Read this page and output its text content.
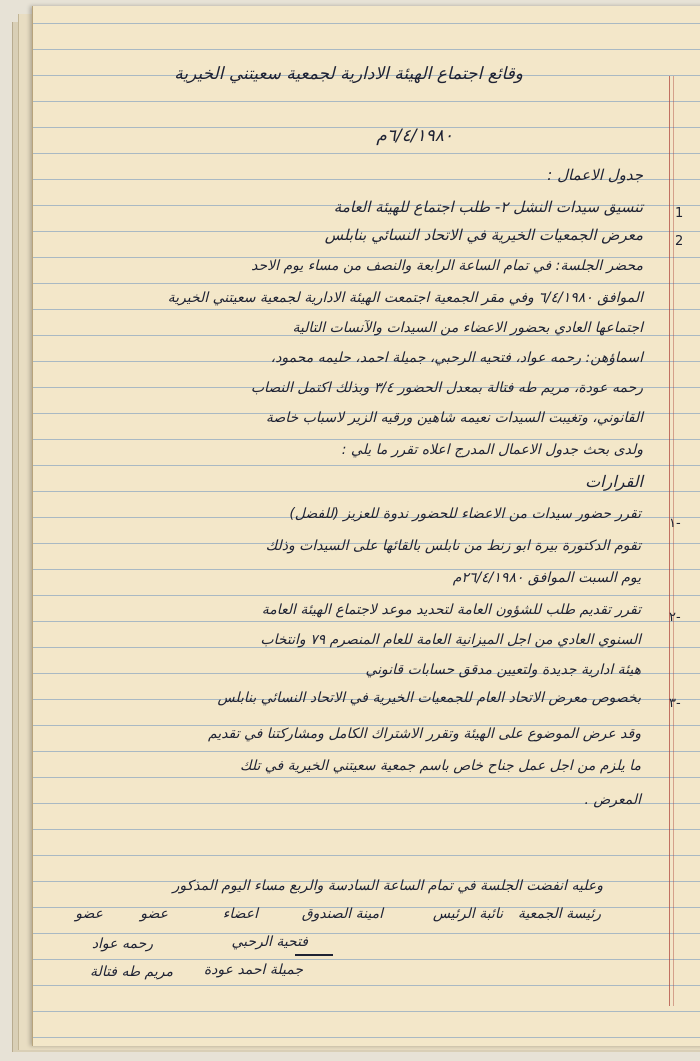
وقائع اجتماع الهيئة الادارية لجمعية سعيتني الخيرية
٦/٤/١٩٨٠م
جدول الاعمال :
1
تنسيق سيدات النشل ٢- طلب اجتماع للهيئة العامة
2
معرض الجمعيات الخيرية في الاتحاد النسائي بنابلس
محضر الجلسة: في تمام الساعة الرابعة والنصف من مساء يوم الاحد
الموافق ٦/٤/١٩٨٠ وفي مقر الجمعية اجتمعت الهيئة الادارية لجمعية سعيتني الخيرية
اجتماعها العادي بحضور الاعضاء من السيدات والآنسات التالية
اسماؤهن: رحمه عواد، فتحيه الرحبي، جميلة احمد، حليمه محمود،
رحمه عودة، مريم طه فتالة بمعدل الحضور ٣/٤ وبذلك اكتمل النصاب
القانوني، وتغيبت السيدات نعيمه شاهين ورقيه الزير لاسباب خاصة
ولدى بحث جدول الاعمال المدرج اعلاه تقرر ما يلي :
القرارات
١-
تقرر حضور سيدات من الاعضاء للحضور ندوة للعزيز (للفضل)
تقوم الدكتورة بيرة ابو زنط من نابلس بالقائها على السيدات وذلك
يوم السبت الموافق ٢٦/٤/١٩٨٠م
٢-
تقرر تقديم طلب للشؤون العامة لتحديد موعد لاجتماع الهيئة العامة
السنوي العادي من اجل الميزانية العامة للعام المنصرم ٧٩ وانتخاب
هيئة ادارية جديدة ولتعيين مدقق حسابات قانوني
٣-
بخصوص معرض الاتحاد العام للجمعيات الخيرية في الاتحاد النسائي بنابلس
وقد عرض الموضوع على الهيئة وتقرر الاشتراك الكامل ومشاركتنا في تقديم
ما يلزم من اجل عمل جناح خاص باسم جمعية سعيتني الخيرية في تلك
المعرض .
وعليه انفضت الجلسة في تمام الساعة السادسة والربع مساء اليوم المذكور
عضو	عضو	اعضاء	امينة الصندوق	نائبة الرئيس رئيسة الجمعية
رحمه عواد	فتحية الرحبي
مريم طه فتالة جميلة احمد عودة
